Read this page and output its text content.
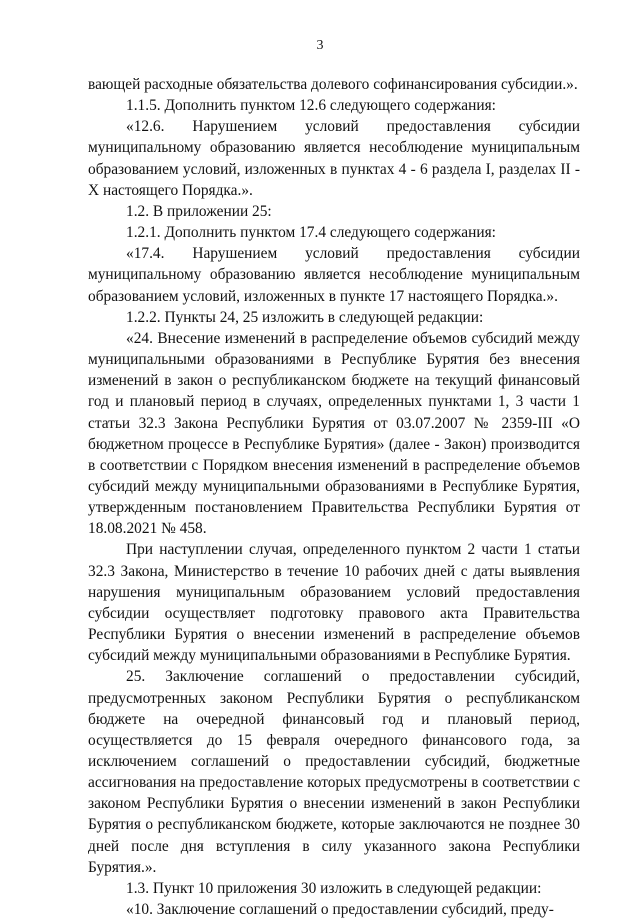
3

вающей расходные обязательства долевого софинансирования субсидии.».

1.1.5. Дополнить пунктом 12.6 следующего содержания:

«12.6. Нарушением условий предоставления субсидии муниципальному образованию является несоблюдение муниципальным образованием условий, изложенных в пунктах 4 - 6 раздела I, разделах II - X настоящего Порядка.».

1.2. В приложении 25:

1.2.1. Дополнить пунктом 17.4 следующего содержания:

«17.4. Нарушением условий предоставления субсидии муниципальному образованию является несоблюдение муниципальным образованием условий, изложенных в пункте 17 настоящего Порядка.».

1.2.2. Пункты 24, 25 изложить в следующей редакции:

«24. Внесение изменений в распределение объемов субсидий между муниципальными образованиями в Республике Бурятия без внесения изменений в закон о республиканском бюджете на текущий финансовый год и плановый период в случаях, определенных пунктами 1, 3 части 1 статьи 32.3 Закона Республики Бурятия от 03.07.2007 № 2359-III «О бюджетном процессе в Республике Бурятия» (далее - Закон) производится в соответствии с Порядком внесения изменений в распределение объемов субсидий между муниципальными образованиями в Республике Бурятия, утвержденным постановлением Правительства Республики Бурятия от 18.08.2021 № 458.

При наступлении случая, определенного пунктом 2 части 1 статьи 32.3 Закона, Министерство в течение 10 рабочих дней с даты выявления нарушения муниципальным образованием условий предоставления субсидии осуществляет подготовку правового акта Правительства Республики Бурятия о внесении изменений в распределение объемов субсидий между муниципальными образованиями в Республике Бурятия.

25. Заключение соглашений о предоставлении субсидий, предусмотренных законом Республики Бурятия о республиканском бюджете на очередной финансовый год и плановый период, осуществляется до 15 февраля очередного финансового года, за исключением соглашений о предоставлении субсидий, бюджетные ассигнования на предоставление которых предусмотрены в соответствии с законом Республики Бурятия о внесении изменений в закон Республики Бурятия о республиканском бюджете, которые заключаются не позднее 30 дней после дня вступления в силу указанного закона Республики Бурятия.».

1.3. Пункт 10 приложения 30 изложить в следующей редакции:

«10. Заключение соглашений о предоставлении субсидий, преду-
